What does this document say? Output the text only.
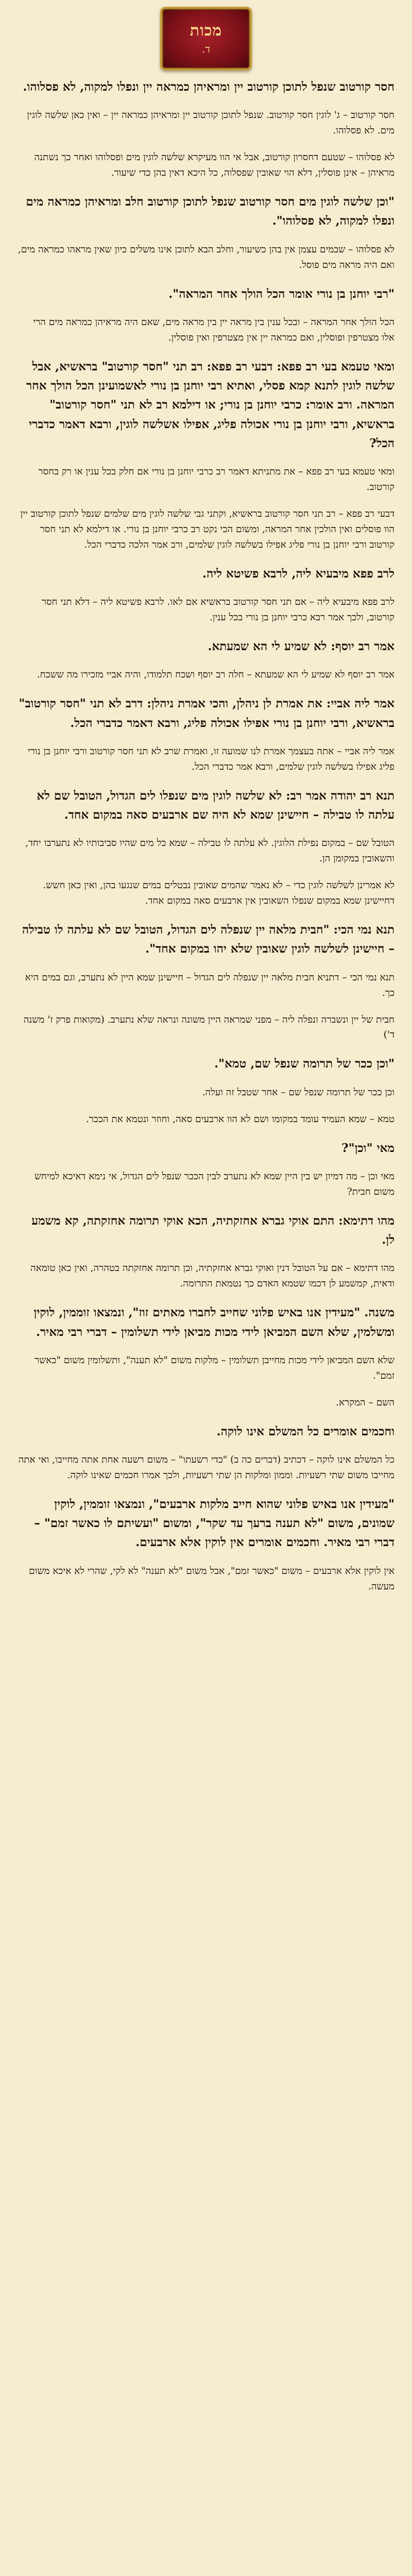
מכות
ד.
חסר קורטוב שנפל לתוכן קורטוב יין ומראיהן כמראה יין ונפלו למקוה, לא פסלוהו.
חסר קורטוב – ג' לוגין חסר קורטוב. שנפל לתוכן קורטוב יין ומראיהן כמראה יין – ואין כאן שלשה לוגין מים. לא פסלוהו.
לא פסלוהו – שטעם דחסרון קורטוב, אבל אי הוו מעיקרא שלשה לוגין מים ופסלוהו ואחר כך נשתנה מראיהן – אינן פוסלין, דלא הוי שאובין שפסלוה, כל היכא דאין בהן כדי שיעור.
"וכן שלשה לוגין מים חסר קורטוב שנפל לתוכן קורטוב חלב ומראיהן כמראה מים ונפלו למקוה, לא פסלוהו".
לא פסלוהו – שבמים עצמן אין בהן כשיעור, וחלב הבא לתוכן אינו משלים כיון שאין מראהו כמראה מים, ואם היה מראה מים פוסל.
"רבי יוחנן בן נורי אומר הכל הולך אחר המראה".
הכל הולך אחר המראה – ובכל ענין בין מראה יין בין מראה מים, שאם היה מראיהן כמראה מים הרי אלו מצטרפין ופוסלין, ואם כמראה יין אין מצטרפין ואין פוסלין.
ומאי טעמא בעי רב פפא: דבעי רב פפא: רב תני "חסר קורטוב" בראשיא, אבל שלשה לוגין לתנא קמא פסלי, ואתיא רבי יוחנן בן נורי לאשמועינן הכל הולך אחר המראה. ורב אומר: כרבי יוחנן בן נורי; או דילמא רב לא תני "חסר קורטוב" בראשיא, ורבי יוחנן בן נורי אכולה פליג, אפילו אשלשה לוגין, ורבא דאמר כדברי הכל?
ומאי טעמא בעי רב פפא – את מתניתא דאמר רב כרבי יוחנן בן נורי אם חלק בכל ענין או רק בחסר קורטוב.
דבעי רב פפא – רב תני חסר קורטוב בראשיא, וקתני גבי שלשה לוגין מים שלמים שנפל לתוכן קורטוב יין הוו פוסלים ואין הולכין אחר המראה, ומשום הכי נקט רב כרבי יוחנן בן נורי. או דילמא לא תני חסר קורטוב ורבי יוחנן בן נורי פליג אפילו בשלשה לוגין שלמים, ורב אמר הלכה כדברי הכל.
לרב פפא מיבעיא ליה, לרבא פשיטא ליה.
לרב פפא מיבעיא ליה – אם תני חסר קורטוב בראשיא אם לאו. לרבא פשיטא ליה – דלא תני חסר קורטוב, ולכך אמר רבא כרבי יוחנן בן נורי בכל ענין.
אמר רב יוסף: לא שמיע לי הא שמעתא.
אמר רב יוסף לא שמיע לי הא שמעתא – חלה רב יוסף ושכח תלמודו, והיה אביי מזכירו מה ששכח.
אמר ליה אביי: את אמרת לן ניהלן, והכי אמרת ניהלן: דרב לא תני "חסר קורטוב" בראשיא, ורבי יוחנן בן נורי אפילו אכולה פליג, ורבא דאמר כדברי הכל.
אמר ליה אביי – אתה בעצמך אמרת לנו שמועה זו, ואמרת שרב לא תני חסר קורטוב ורבי יוחנן בן נורי פליג אפילו בשלשה לוגין שלמים, ורבא אמר כדברי הכל.
תנא רב יהודה אמר רב: לא שלשה לוגין מים שנפלו לים הגדול, הטובל שם לא עלתה לו טבילה – חיישינן שמא לא היה שם ארבעים סאה במקום אחד.
הטובל שם – במקום נפילת הלוגין. לא עלתה לו טבילה – שמא כל מים שהיו סביבותיו לא נתערבו יחד, והשאובין במקומן הן.
לא אמרינן לשלשה לוגין כדי – לא נאמר שהמים שאובין נבטלים במים שנגעו בהן, ואין כאן חשש. דחיישינן שמא במקום שנפלו השאובין אין ארבעים סאה במקום אחד.
תנא נמי הכי: "חבית מלאה יין שנפלה לים הגדול, הטובל שם לא עלתה לו טבילה – חיישינן לשלשה לוגין שאובין שלא יהו במקום אחד".
תנא נמי הכי – דתניא חבית מלאה יין שנפלה לים הגדול – חיישינן שמא היין לא נתערב, וגם במים היא כך.
חבית של יין ונשברה ונפלה ליה – מפני שמראה היין משונה ונראה שלא נתערב. (מקואות פרק ז' משנה ד')
"וכן ככר של תרומה שנפל שם, טמא".
וכן ככר של תרומה שנפל שם – אחר שטבל זה ועלה.
טמא – שמא העמיד עומד במקומו ושם לא הוו ארבעים סאה, וחוזר ונטמא את הככר.
מאי "וכן"?
מאי וכן – מה דמיון יש בין היין שמא לא נתערב לבין הככר שנפל לים הגדול, אי נימא דאיכא למיחש משום חבית?
מהו דתימא: התם אוקי גברא אחזקתיה, הכא אוקי תרומה אחזקתה, קא משמע לן.
מהו דתימא – אם על הטובל דנין ואוקי גברא אחזקתיה, וכן תרומה אחזקתה בטהרה, ואין כאן טומאה ודאית, קמשמע לן דכמו שטמא האדם כך נטמאת התרומה.
משנה. "מעידין אנו באיש פלוני שחייב לחברו מאתים זוז", ונמצאו זוממין, לוקין ומשלמין, שלא השם המביאן לידי מכות מביאן לידי תשלומין – דברי רבי מאיר.
שלא השם המביאן לידי מכות מחייבן תשלומין – מלקות משום "לא תענה", ותשלומין משום "כאשר זמם".
השם – המקרא.
וחכמים אומרים כל המשלם אינו לוקה.
כל המשלם אינו לוקה – דכתיב (דברים כה ב) "כדי רשעתו" – משום רשעה אחת אתה מחייבו, ואי אתה מחייבו משום שתי רשעיות. וממון ומלקות הן שתי רשעיות, ולכך אמרו חכמים שאינו לוקה.
"מעידין אנו באיש פלוני שהוא חייב מלקות ארבעים", ונמצאו זוממין, לוקין שמונים, משום "לא תענה ברעך עד שקר", ומשום "ועשיתם לו כאשר זמם" – דברי רבי מאיר. וחכמים אומרים אין לוקין אלא ארבעים.
אין לוקין אלא ארבעים – משום "כאשר זמם", אבל משום "לא תענה" לא לקי, שהרי לא איכא משום מעשה.
